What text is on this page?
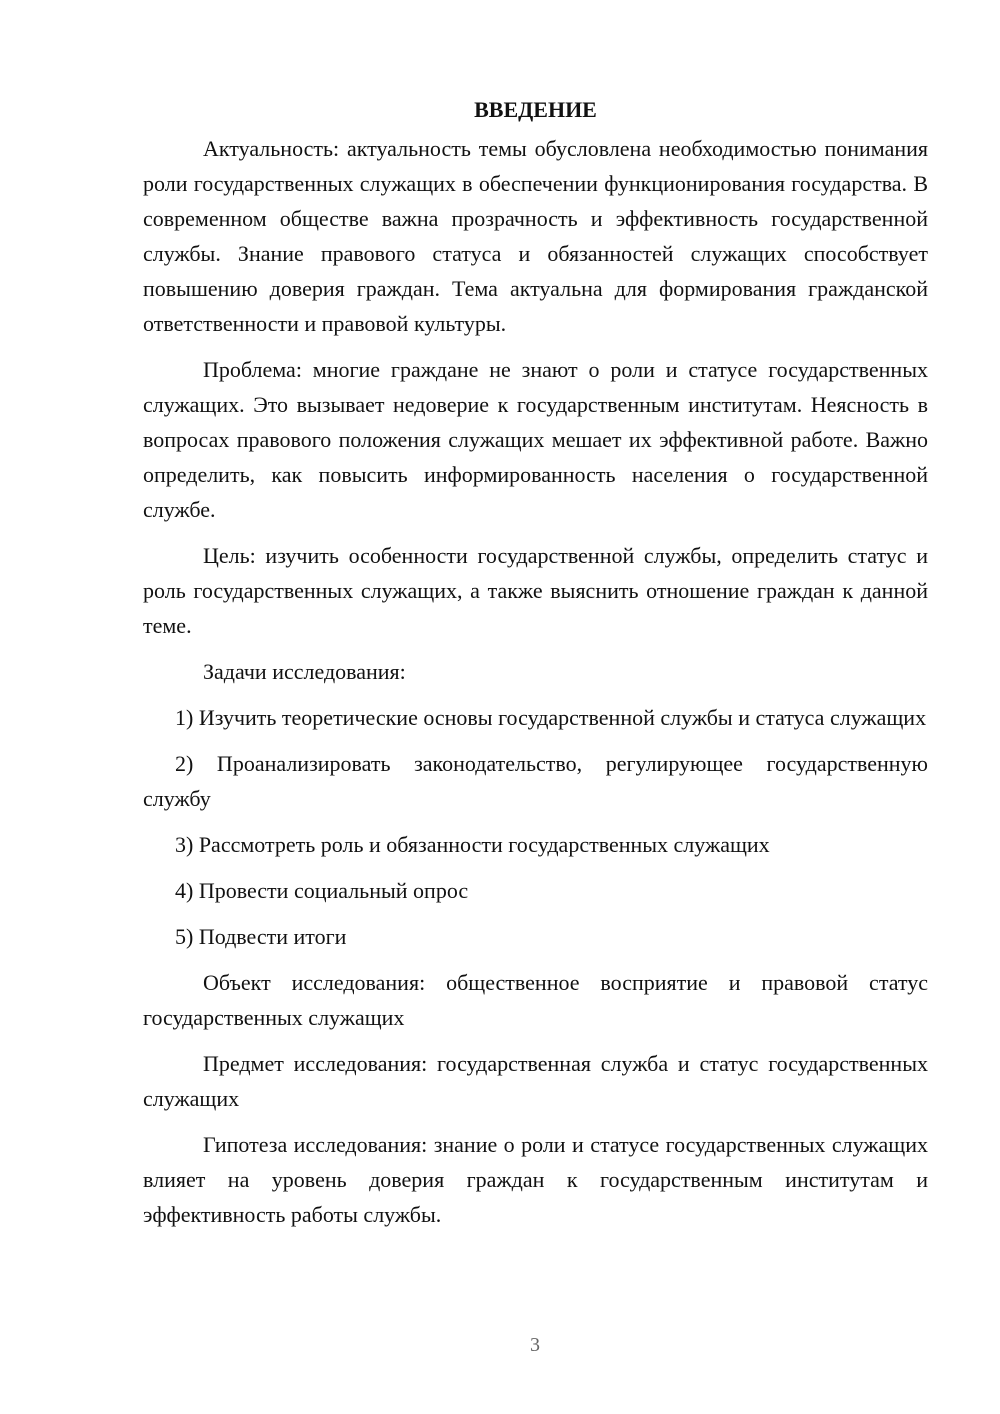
ВВЕДЕНИЕ

Актуальность: актуальность темы обусловлена необходимостью понимания роли государственных служащих в обеспечении функционирования государства. В современном обществе важна прозрачность и эффективность государственной службы. Знание правового статуса и обязанностей служащих способствует повышению доверия граждан. Тема актуальна для формирования гражданской ответственности и правовой культуры.

Проблема: многие граждане не знают о роли и статусе государственных служащих. Это вызывает недоверие к государственным институтам. Неясность в вопросах правового положения служащих мешает их эффективной работе. Важно определить, как повысить информированность населения о государственной службе.

Цель: изучить особенности государственной службы, определить статус и роль государственных служащих, а также выяснить отношение граждан к данной теме.

Задачи исследования:

1) Изучить теоретические основы государственной службы и статуса служащих

2) Проанализировать законодательство, регулирующее государственную службу

3) Рассмотреть роль и обязанности государственных служащих

4) Провести социальный опрос

5) Подвести итоги

Объект исследования: общественное восприятие и правовой статус государственных служащих

Предмет исследования: государственная служба и статус государственных служащих

Гипотеза исследования: знание о роли и статусе государственных служащих влияет на уровень доверия граждан к государственным институтам и эффективность работы службы.

3
